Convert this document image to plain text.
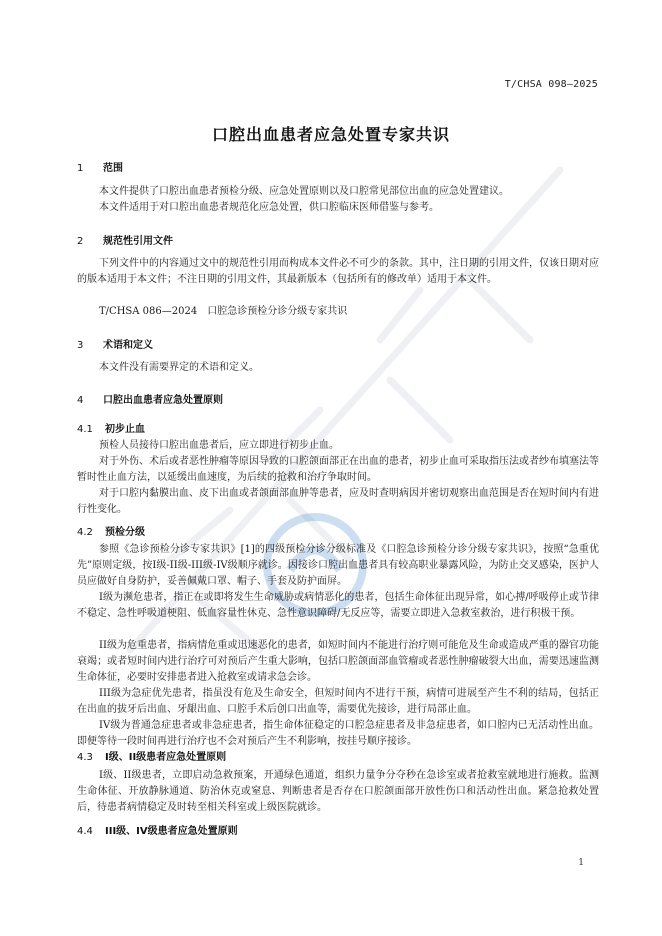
T/CHSA 098—2025
口腔出血患者应急处置专家共识
1 范围
本文件提供了口腔出血患者预检分级、应急处置原则以及口腔常见部位出血的应急处置建议。
本文件适用于对口腔出血患者规范化应急处置，供口腔临床医师借鉴与参考。
2 规范性引用文件
下列文件中的内容通过文中的规范性引用而构成本文件必不可少的条款。其中，注日期的引用文件，仅该日期对应的版本适用于本文件；不注日期的引用文件，其最新版本（包括所有的修改单）适用于本文件。
T/CHSA 086—2024　口腔急诊预检分诊分级专家共识
3 术语和定义
本文件没有需要界定的术语和定义。
4 口腔出血患者应急处置原则
4.1 初步止血
预检人员接待口腔出血患者后，应立即进行初步止血。
对于外伤、术后或者恶性肿瘤等原因导致的口腔颌面部正在出血的患者，初步止血可采取指压法或者纱布填塞法等暂时性止血方法，以延缓出血速度，为后续的抢救和治疗争取时间。
对于口腔内黏膜出血、皮下出血或者颌面部血肿等患者，应及时查明病因并密切观察出血范围是否在短时间内有进行性变化。
4.2 预检分级
参照《急诊预检分诊专家共识》[1]的四级预检分诊分级标准及《口腔急诊预检分诊分级专家共识》，按照“急重优先”原则定级，按I级-II级-III级-IV级顺序就诊。因接诊口腔出血患者具有较高职业暴露风险，为防止交叉感染，医护人员应做好自身防护，妥善佩戴口罩、帽子、手套及防护面屏。
I级为濒危患者，指正在或即将发生生命威胁或病情恶化的患者，包括生命体征出现异常，如心搏/呼吸停止或节律不稳定、急性呼吸道梗阻、低血容量性休克、急性意识障碍/无反应等，需要立即进入急救室救治，进行积极干预。
II级为危重患者，指病情危重或迅速恶化的患者，如短时间内不能进行治疗则可能危及生命或造成严重的器官功能衰竭；或者短时间内进行治疗可对预后产生重大影响，包括口腔颌面部血管瘤或者恶性肿瘤破裂大出血，需要迅速监测生命体征，必要时安排患者进入抢救室或请求急会诊。
III级为急症优先患者，指虽没有危及生命安全，但短时间内不进行干预，病情可进展至产生不利的结局，包括正在出血的拔牙后出血、牙龈出血、口腔手术后创口出血等，需要优先接诊，进行局部止血。
IV级为普通急症患者或非急症患者，指生命体征稳定的口腔急症患者及非急症患者，如口腔内已无活动性出血。即便等待一段时间再进行治疗也不会对预后产生不利影响，按挂号顺序接诊。
4.3 I级、II级患者应急处置原则
I级、II级患者，立即启动急救预案，开通绿色通道，组织力量争分夺秒在急诊室或者抢救室就地进行施救。监测生命体征、开放静脉通道、防治休克或窒息、判断患者是否存在口腔颌面部开放性伤口和活动性出血。紧急抢救处置后，待患者病情稳定及时转至相关科室或上级医院就诊。
4.4 III级、IV级患者应急处置原则
1
